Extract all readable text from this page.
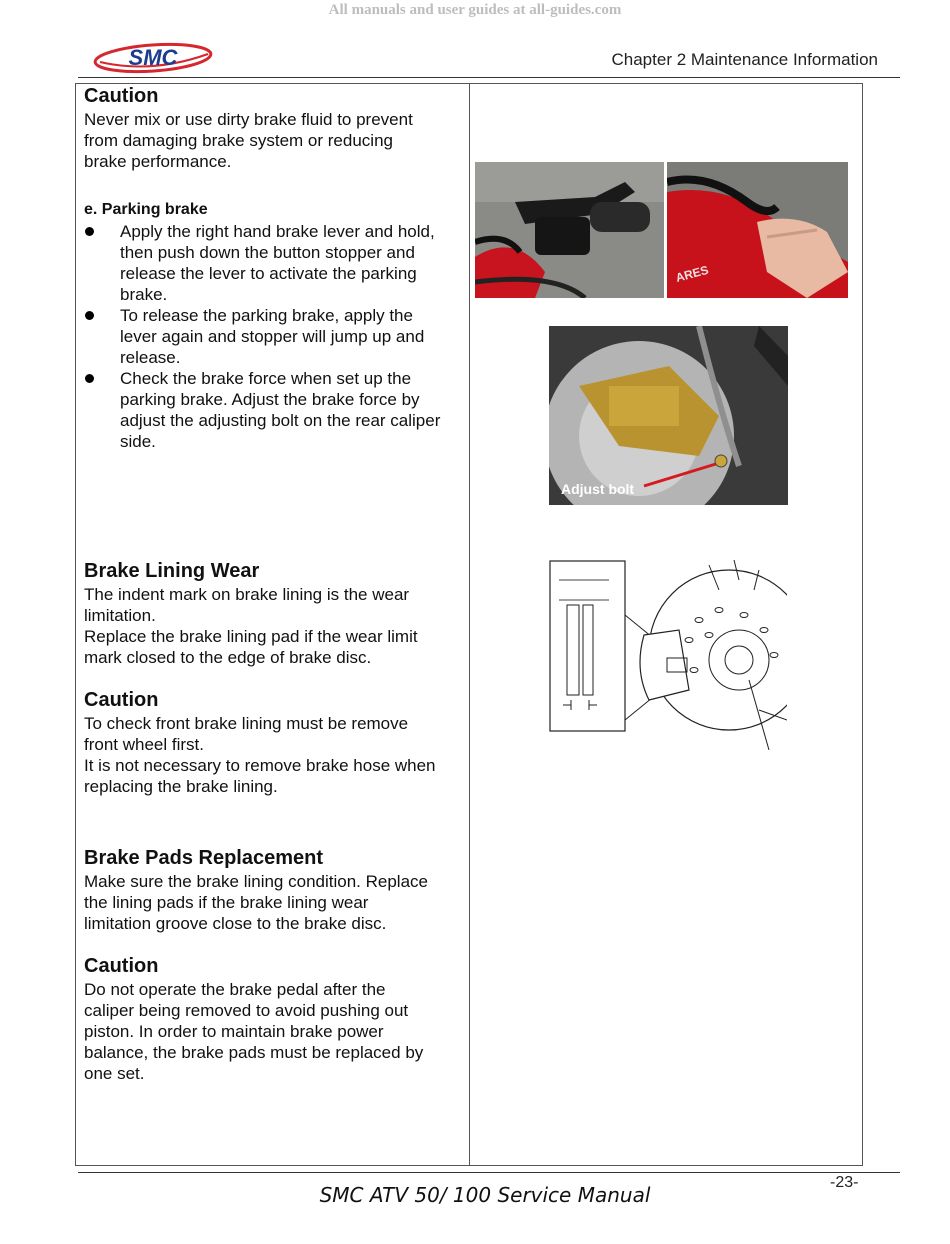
All manuals and user guides at all-guides.com
SMC	Chapter 2 Maintenance Information
Caution

Never mix or use dirty brake fluid to prevent

from damaging brake system or reducing

brake performance.

e. Parking brake

Apply the right hand brake lever and hold,

then push down the button stopper and

release the lever to activate the parking

brake.

To release the parking brake, apply the

lever again and stopper will jump up and

release.

Check the brake force when set up the

parking brake. Adjust the brake force by

adjust the adjusting bolt on the rear caliper

side.

Brake Lining Wear

The indent mark on brake lining is the wear

limitation.

Replace the brake lining pad if the wear limit

mark closed to the edge of brake disc.

Caution

To check front brake lining must be remove

front wheel first.

It is not necessary to remove brake hose when

replacing the brake lining.

Brake Pads Replacement

Make sure the brake lining condition. Replace

the lining pads if the brake lining wear

limitation groove close to the brake disc.

Caution

Do not operate the brake pedal after the

caliper being removed to avoid pushing out

piston. In order to maintain brake power

balance, the brake pads must be replaced by

one set.

ARES
Adjust bolt
-23-
SMC ATV 50/ 100 Service Manual
